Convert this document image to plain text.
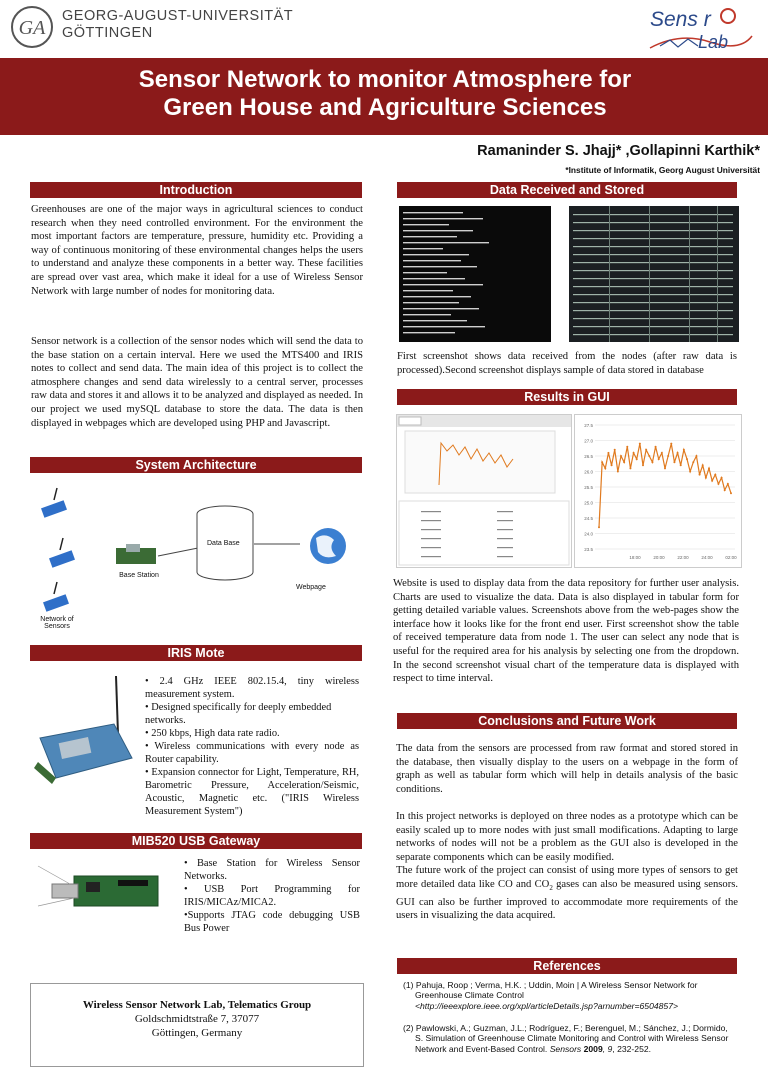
GA
GEORG-AUGUST-UNIVERSITÄT
GÖTTINGEN
Sens r
Lab
Sensor Network to monitor Atmosphere for
Green House and Agriculture Sciences
Ramaninder S. Jhajj* ,Gollapinni Karthik*
*Institute of Informatik, Georg August Universität
Introduction
Greenhouses are one of the major ways in agricultural sciences to conduct research when they need controlled environment. For the environment the most important factors are temperature, pressure, humidity etc. Providing a way of continuous monitoring of these environmental changes helps the users to understand and analyze these components in a better way. These facilities are spread over vast area, which make it ideal for a use of Wireless Sensor Network with large number of nodes for monitoring data.
Sensor network is a collection of the sensor nodes which will send the data to the base station on a certain interval. Here we used the MTS400 and IRIS notes to collect and send data. The main idea of this project is to collect the atmosphere changes and send data wirelessly to a central server, processes raw data and stores it and allows it to be analyzed and displayed as needed. In our project we used mySQL database to store the data. The data is then displayed in webpages which are developed using PHP and Javascript.
System Architecture
Data Base
Base Station
Webpage
Network of Sensors
IRIS Mote
• 2.4 GHz IEEE 802.15.4, tiny wireless measurement system.
• Designed specifically for deeply embedded networks.
• 250 kbps, High data rate radio.
• Wireless communications with every node as Router capability.
• Expansion connector for Light, Temperature, RH, Barometric Pressure, Acceleration/Seismic, Acoustic, Magnetic etc. ("IRIS Wireless Measurement System")
MIB520 USB Gateway
• Base Station for Wireless Sensor Networks.
• USB Port Programming for IRIS/MICAz/MICA2.
•Supports JTAG code debugging USB Bus Power
Wireless Sensor Network Lab, Telematics Group
Goldschmidtstraße 7, 37077
Göttingen, Germany
Data Received and Stored
First screenshot shows data received from the nodes (after raw data is processed).Second screenshot displays sample of data stored in database
Results in GUI
27.5
27.0
26.5
26.0
25.5
25.0
24.5
24.0
23.5
18:00	20:00	22:00	24:00	02:00
Website is used to display data from the data repository for further user analysis. Charts are used to visualize the data. Data is also displayed in tabular form for getting detailed variable values. Screenshots above from the web-pages show the interface how it looks like for the front end user. First screenshot show the table of received temperature data from node 1. The user can select any node that is useful for the required area for his analysis by selecting one from the dropdown. In the second screenshot visual chart of the temperature data is displayed with respect to time interval.
Conclusions and Future Work
The data from the sensors are processed from raw format and stored stored in the database, then visually display to the users on a webpage in the form of graph as well as tabular form which will help in details analysis of the basic conditions.
In this project networks is deployed on three nodes as a prototype which can be easily scaled up to more nodes with just small modifications. Adapting to large networks of nodes will not be a problem as the GUI also is developed in the separate components which can be easily modified.
The future work of the project can consist of using more types of sensors to get more detailed data like CO and $CO_2$ gases can also be measured using sensors. GUI can also be further improved to accommodate more requirements of the users in visualizing the data acquired.
References
(1) Pahuja, Roop ; Verma, H.K. ; Uddin, Moin | A Wireless Sensor Network for Greenhouse Climate Control
<http://ieeexplore.ieee.org/xpl/articleDetails.jsp?arnumber=6504857>
(2) Pawlowski, A.; Guzman, J.L.; Rodríguez, F.; Berenguel, M.; Sánchez, J.; Dormido, S. Simulation of Greenhouse Climate Monitoring and Control with Wireless Sensor Network and Event-Based Control. Sensors 2009, 9, 232-252.
